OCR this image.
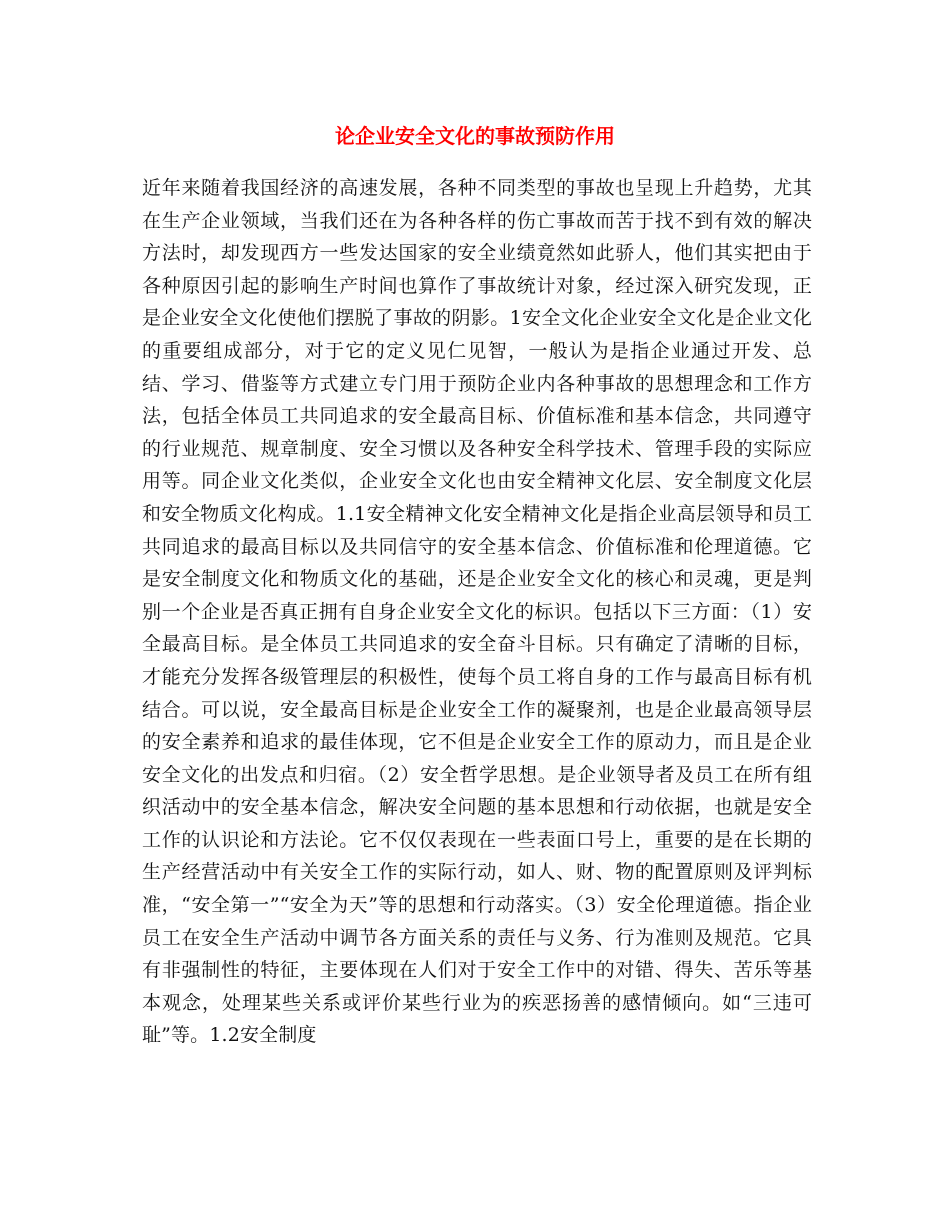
论企业安全文化的事故预防作用

近年来随着我国经济的高速发展，各种不同类型的事故也呈现上升趋势，尤其在生产企业领域，当我们还在为各种各样的伤亡事故而苦于找不到有效的解决方法时，却发现西方一些发达国家的安全业绩竟然如此骄人，他们其实把由于各种原因引起的影响生产时间也算作了事故统计对象，经过深入研究发现，正是企业安全文化使他们摆脱了事故的阴影。1安全文化企业安全文化是企业文化的重要组成部分，对于它的定义见仁见智，一般认为是指企业通过开发、总结、学习、借鉴等方式建立专门用于预防企业内各种事故的思想理念和工作方法，包括全体员工共同追求的安全最高目标、价值标准和基本信念，共同遵守的行业规范、规章制度、安全习惯以及各种安全科学技术、管理手段的实际应用等。同企业文化类似，企业安全文化也由安全精神文化层、安全制度文化层和安全物质文化构成。1.1安全精神文化安全精神文化是指企业高层领导和员工共同追求的最高目标以及共同信守的安全基本信念、价值标准和伦理道德。它是安全制度文化和物质文化的基础，还是企业安全文化的核心和灵魂，更是判别一个企业是否真正拥有自身企业安全文化的标识。包括以下三方面：（1）安全最高目标。是全体员工共同追求的安全奋斗目标。只有确定了清晰的目标，才能充分发挥各级管理层的积极性，使每个员工将自身的工作与最高目标有机结合。可以说，安全最高目标是企业安全工作的凝聚剂，也是企业最高领导层的安全素养和追求的最佳体现，它不但是企业安全工作的原动力，而且是企业安全文化的出发点和归宿。（2）安全哲学思想。是企业领导者及员工在所有组织活动中的安全基本信念，解决安全问题的基本思想和行动依据，也就是安全工作的认识论和方法论。它不仅仅表现在一些表面口号上，重要的是在长期的生产经营活动中有关安全工作的实际行动，如人、财、物的配置原则及评判标准，“安全第一”“安全为天”等的思想和行动落实。（3）安全伦理道德。指企业员工在安全生产活动中调节各方面关系的责任与义务、行为准则及规范。它具有非强制性的特征，主要体现在人们对于安全工作中的对错、得失、苦乐等基本观念，处理某些关系或评价某些行业为的疾恶扬善的感情倾向。如“三违可耻”等。1.2安全制度
